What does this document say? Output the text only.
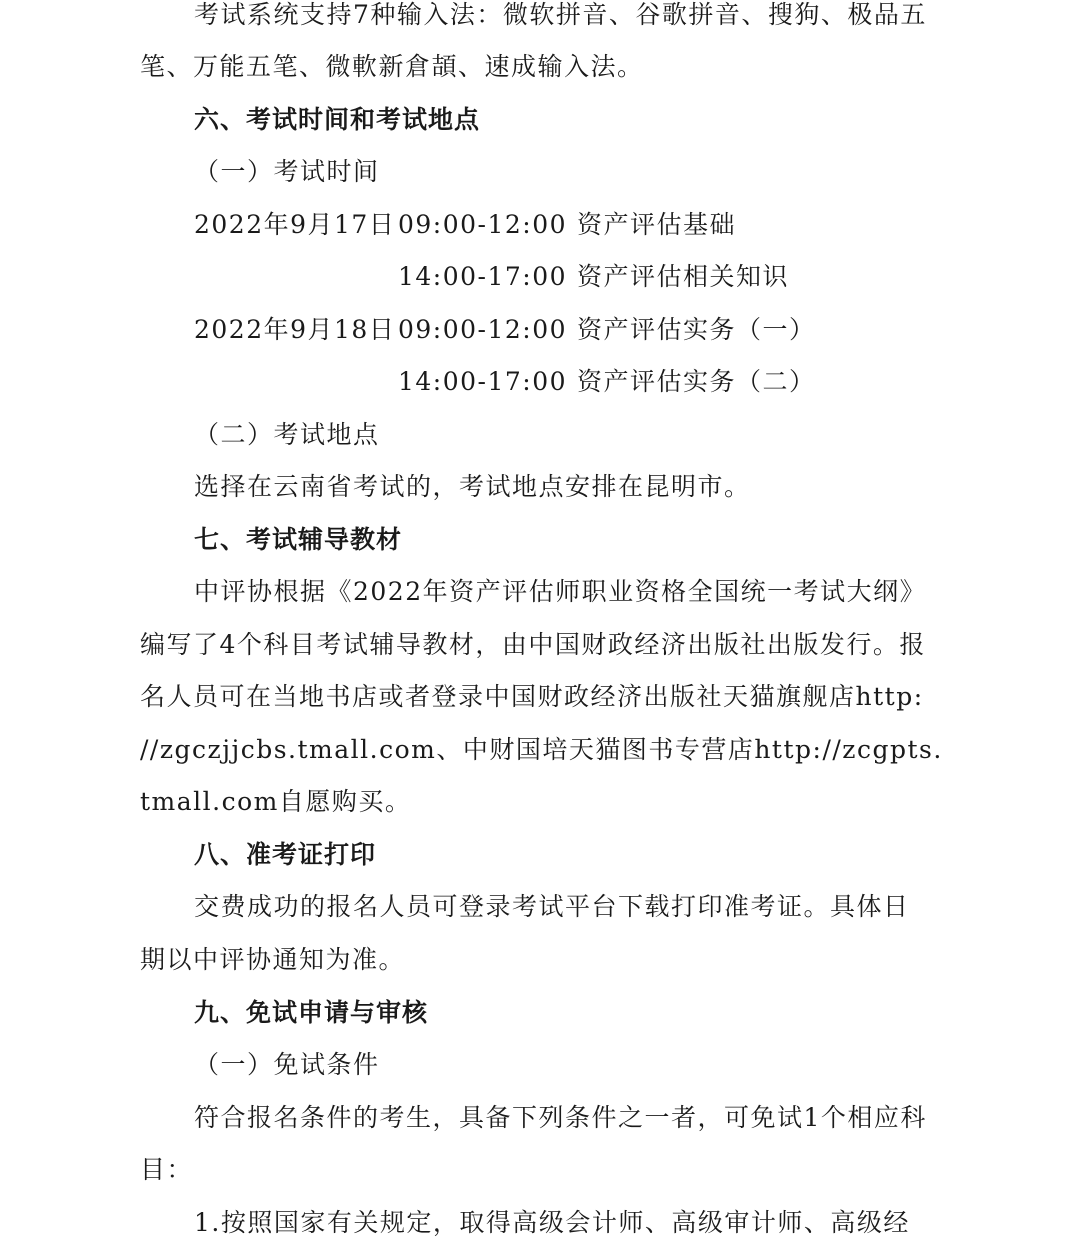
考试系统支持7种输入法：微软拼音、谷歌拼音、搜狗、极品五
笔、万能五笔、微軟新倉頡、速成输入法。
六、考试时间和考试地点
（一）考试时间
2022年9月17日 09:00-12:00 资产评估基础
14:00-17:00 资产评估相关知识
2022年9月18日 09:00-12:00 资产评估实务（一）
14:00-17:00 资产评估实务（二）
（二）考试地点
选择在云南省考试的，考试地点安排在昆明市。
七、考试辅导教材
中评协根据《2022年资产评估师职业资格全国统一考试大纲》
编写了4个科目考试辅导教材，由中国财政经济出版社出版发行。报
名人员可在当地书店或者登录中国财政经济出版社天猫旗舰店http:
//zgczjjcbs.tmall.com、中财国培天猫图书专营店http://zcgpts.
tmall.com自愿购买。
八、准考证打印
交费成功的报名人员可登录考试平台下载打印准考证。具体日
期以中评协通知为准。
九、免试申请与审核
（一）免试条件
符合报名条件的考生，具备下列条件之一者，可免试1个相应科
目：
1.按照国家有关规定，取得高级会计师、高级审计师、高级经
